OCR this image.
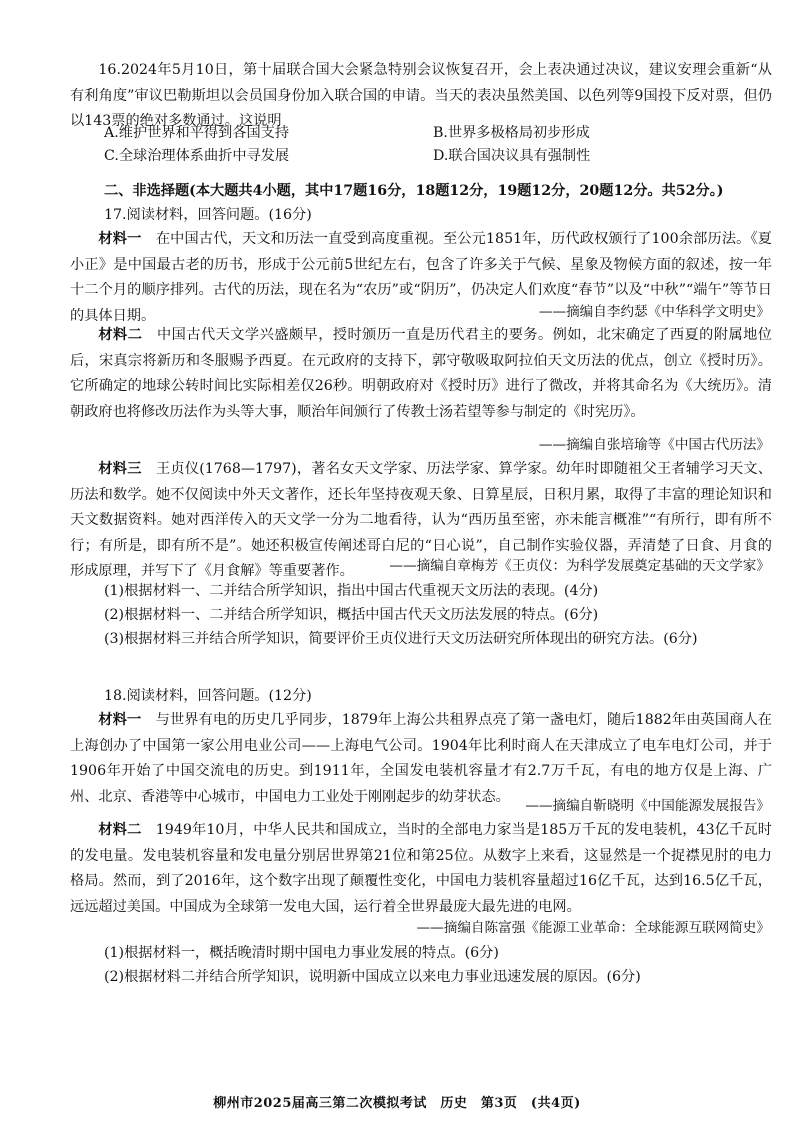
16.2024年5月10日，第十届联合国大会紧急特别会议恢复召开，会上表决通过决议，建议安理会重新“从有利角度”审议巴勒斯坦以会员国身份加入联合国的申请。当天的表决虽然美国、以色列等9国投下反对票，但仍以143票的绝对多数通过。这说明

A.维护世界和平得到各国支持	B.世界多极格局初步形成
C.全球治理体系曲折中寻发展	D.联合国决议具有强制性
二、非选择题(本大题共4小题，其中17题16分，18题12分，19题12分，20题12分。共52分。)
17.阅读材料，回答问题。(16分)

材料一　在中国古代，天文和历法一直受到高度重视。至公元1851年，历代政权颁行了100余部历法。《夏小正》是中国最古老的历书，形成于公元前5世纪左右，包含了许多关于气候、星象及物候方面的叙述，按一年十二个月的顺序排列。古代的历法，现在名为“农历”或“阴历”，仍决定人们欢度“春节”以及“中秋”“端午”等节日的具体日期。	——摘编自李约瑟《中华科学文明史》

材料二　中国古代天文学兴盛颇早，授时颁历一直是历代君主的要务。例如，北宋确定了西夏的附属地位后，宋真宗将新历和冬服赐予西夏。在元政府的支持下，郭守敬吸取阿拉伯天文历法的优点，创立《授时历》。它所确定的地球公转时间比实际相差仅26秒。明朝政府对《授时历》进行了微改，并将其命名为《大统历》。清朝政府也将修改历法作为头等大事，顺治年间颁行了传教士汤若望等参与制定的《时宪历》。

——摘编自张培瑜等《中国古代历法》

材料三　王贞仪(1768—1797)，著名女天文学家、历法学家、算学家。幼年时即随祖父王者辅学习天文、历法和数学。她不仅阅读中外天文著作，还长年坚持夜观天象、日算星辰，日积月累，取得了丰富的理论知识和天文数据资料。她对西洋传入的天文学一分为二地看待，认为“西历虽至密，亦未能言概准”“有所行，即有所不行；有所是，即有所不是”。她还积极宣传阐述哥白尼的“日心说”，自己制作实验仪器，弄清楚了日食、月食的形成原理，并写下了《月食解》等重要著作。	——摘编自章梅芳《王贞仪：为科学发展奠定基础的天文学家》
(1)根据材料一、二并结合所学知识，指出中国古代重视天文历法的表现。(4分)
(2)根据材料一、二并结合所学知识，概括中国古代天文历法发展的特点。(6分)

(3)根据材料三并结合所学知识，简要评价王贞仪进行天文历法研究所体现出的研究方法。(6分)

18.阅读材料，回答问题。(12分)

材料一　与世界有电的历史几乎同步，1879年上海公共租界点亮了第一盏电灯，随后1882年由英国商人在上海创办了中国第一家公用电业公司——上海电气公司。1904年比利时商人在天津成立了电车电灯公司，并于1906年开始了中国交流电的历史。到1911年，全国发电装机容量才有2.7万千瓦，有电的地方仅是上海、广州、北京、香港等中心城市，中国电力工业处于刚刚起步的幼芽状态。

——摘编自靳晓明《中国能源发展报告》

材料二　1949年10月，中华人民共和国成立，当时的全部电力家当是185万千瓦的发电装机，43亿千瓦时的发电量。发电装机容量和发电量分别居世界第21位和第25位。从数字上来看，这显然是一个捉襟见肘的电力格局。然而，到了2016年，这个数字出现了颠覆性变化，中国电力装机容量超过16亿千瓦，达到16.5亿千瓦，远远超过美国。中国成为全球第一发电大国，运行着全世界最庞大最先进的电网。

——摘编自陈富强《能源工业革命：全球能源互联网简史》
(1)根据材料一，概括晚清时期中国电力事业发展的特点。(6分)
(2)根据材料二并结合所学知识，说明新中国成立以来电力事业迅速发展的原因。(6分)
柳州市2025届高三第二次模拟考试　历史　第3页　(共4页)
